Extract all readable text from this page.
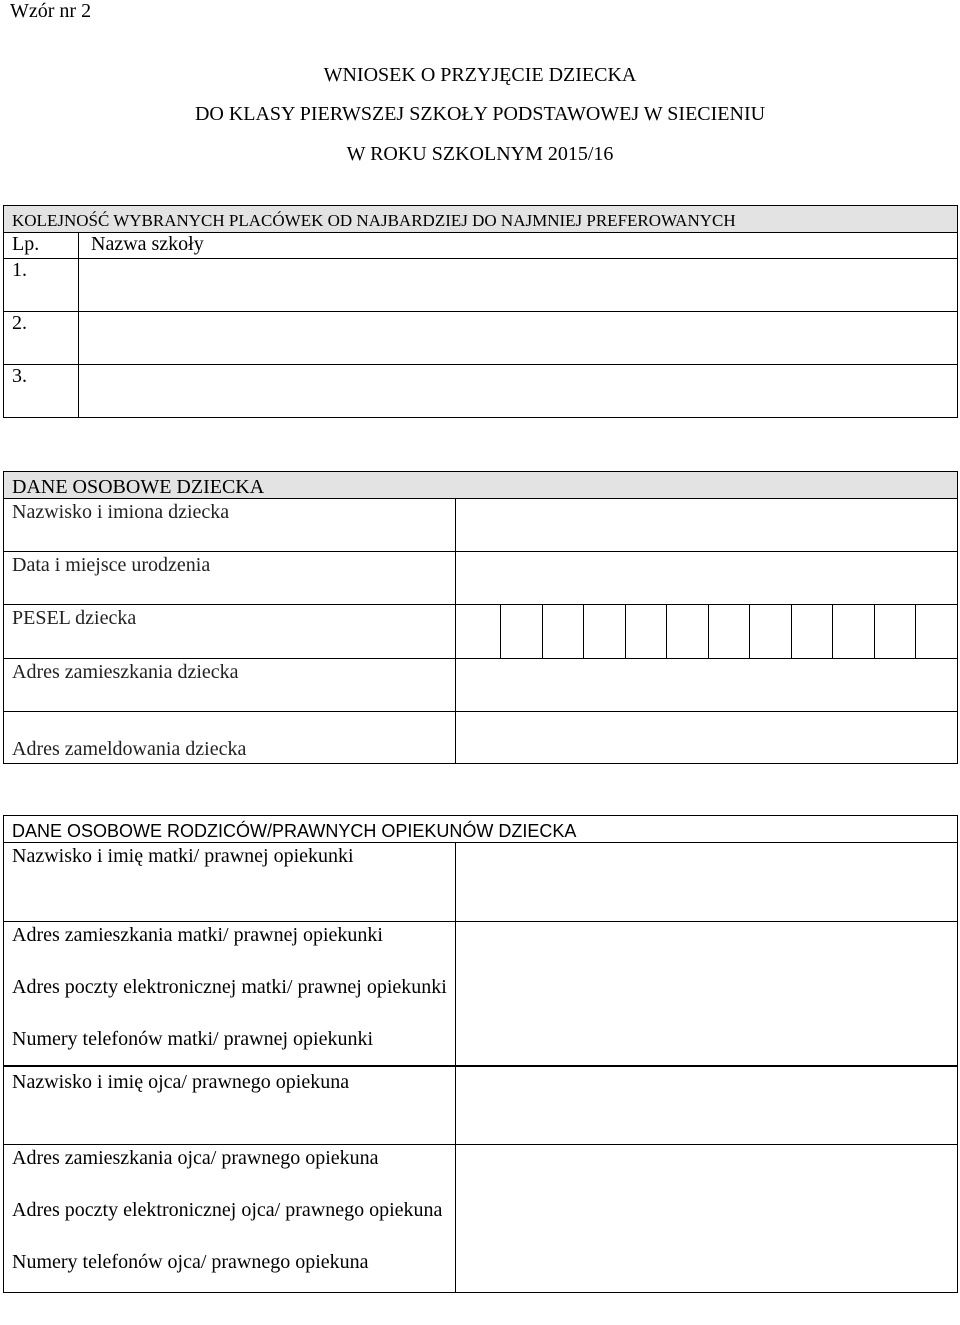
Wzór nr 2
WNIOSEK O PRZYJĘCIE DZIECKA
DO KLASY PIERWSZEJ SZKOŁY PODSTAWOWEJ W SIECIENIU
W ROKU SZKOLNYM 2015/16
KOLEJNOŚĆ WYBRANYCH PLACÓWEK OD NAJBARDZIEJ DO NAJMNIEJ PREFEROWANYCH	
Lp.	Nazwa szkoły
1.	
2.	
3.	
DANE OSOBOWE DZIECKA	
Nazwisko i imiona dziecka	
Data i miejsce urodzenia	
PESEL dziecka	

Adres zamieszkania dziecka	
Adres zameldowania dziecka	
DANE OSOBOWE RODZICÓW/PRAWNYCH OPIEKUNÓW DZIECKA	
Nazwisko i imię matki/ prawnej opiekunki	
Adres zamieszkania matki/ prawnej opiekunki	
Adres poczty elektronicznej matki/ prawnej opiekunki	
Numery telefonów matki/ prawnej opiekunki	
Nazwisko i imię ojca/ prawnego opiekuna	
Adres zamieszkania ojca/ prawnego opiekuna	
Adres poczty elektronicznej ojca/ prawnego opiekuna	
Numery telefonów ojca/ prawnego opiekuna	
